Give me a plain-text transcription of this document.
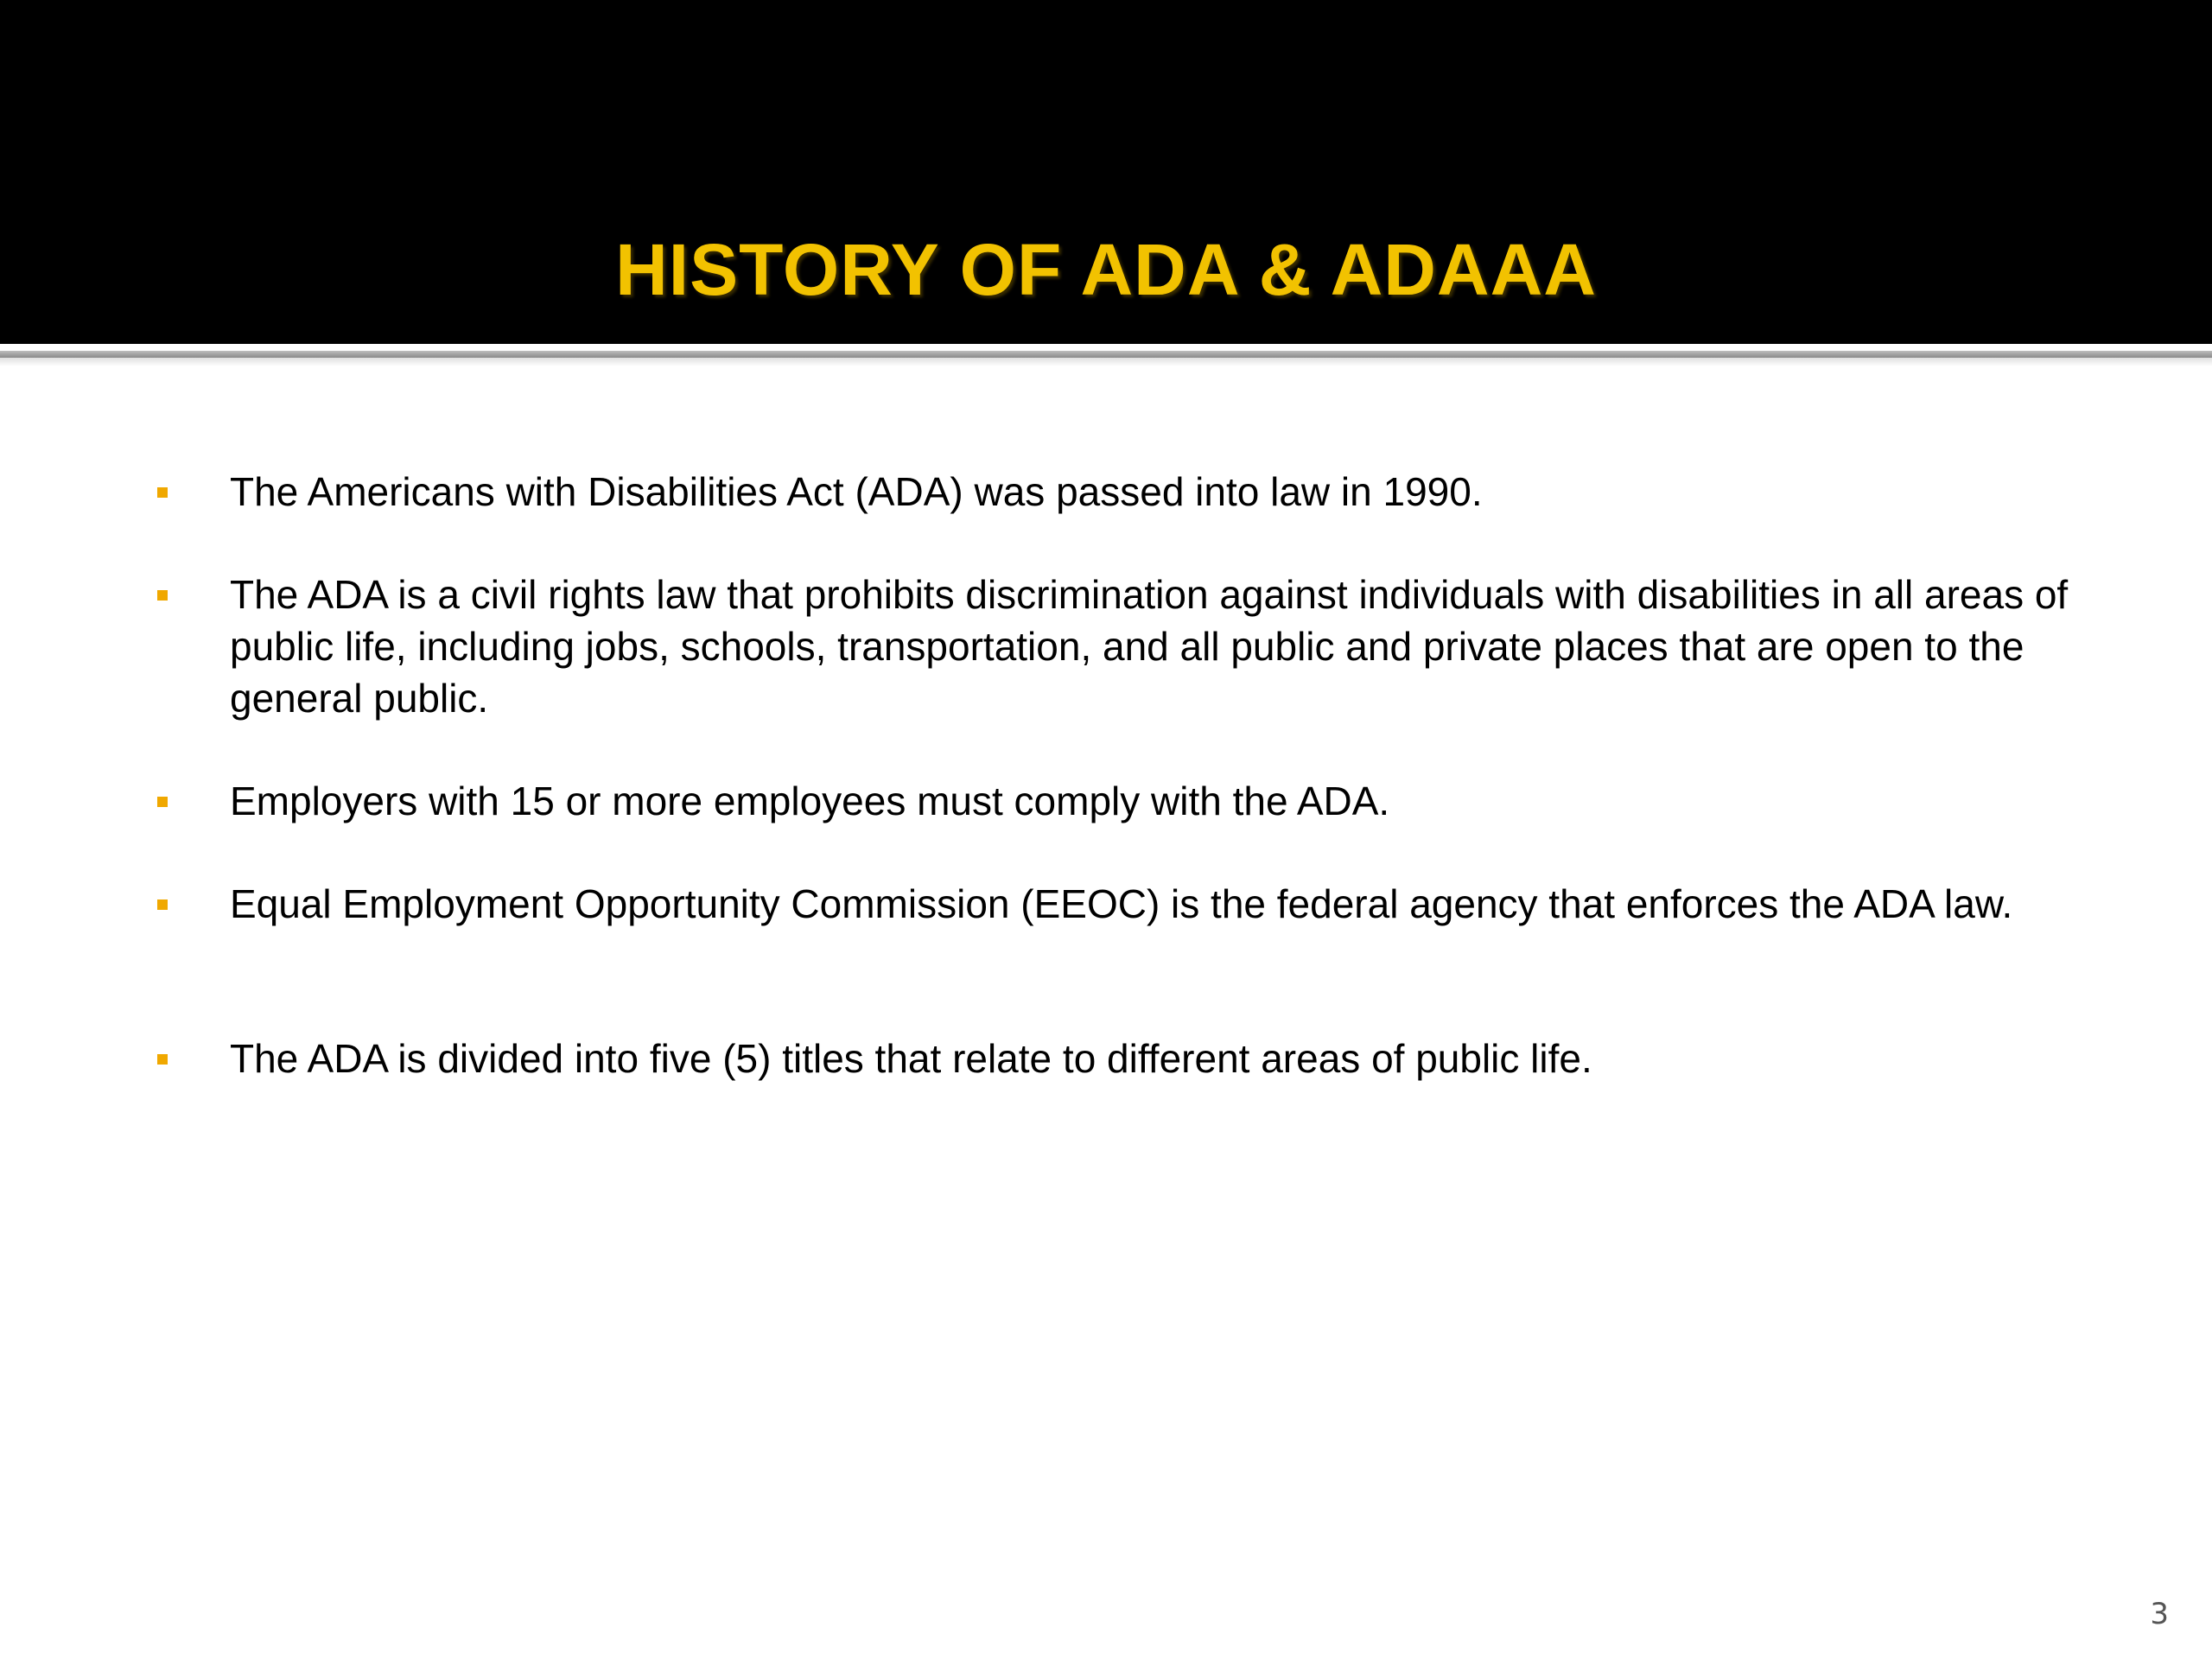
HISTORY OF ADA & ADAAA
The Americans with Disabilities Act (ADA) was passed into law in 1990.
The ADA is a civil rights law that prohibits discrimination against individuals with disabilities in all areas of public life, including jobs, schools, transportation, and all public and private places that are open to the general public.
Employers with 15 or more employees must comply with the ADA.
Equal Employment Opportunity Commission (EEOC) is the federal agency that enforces the ADA law.
The ADA is divided into five (5) titles that relate to different areas of public life.
3
